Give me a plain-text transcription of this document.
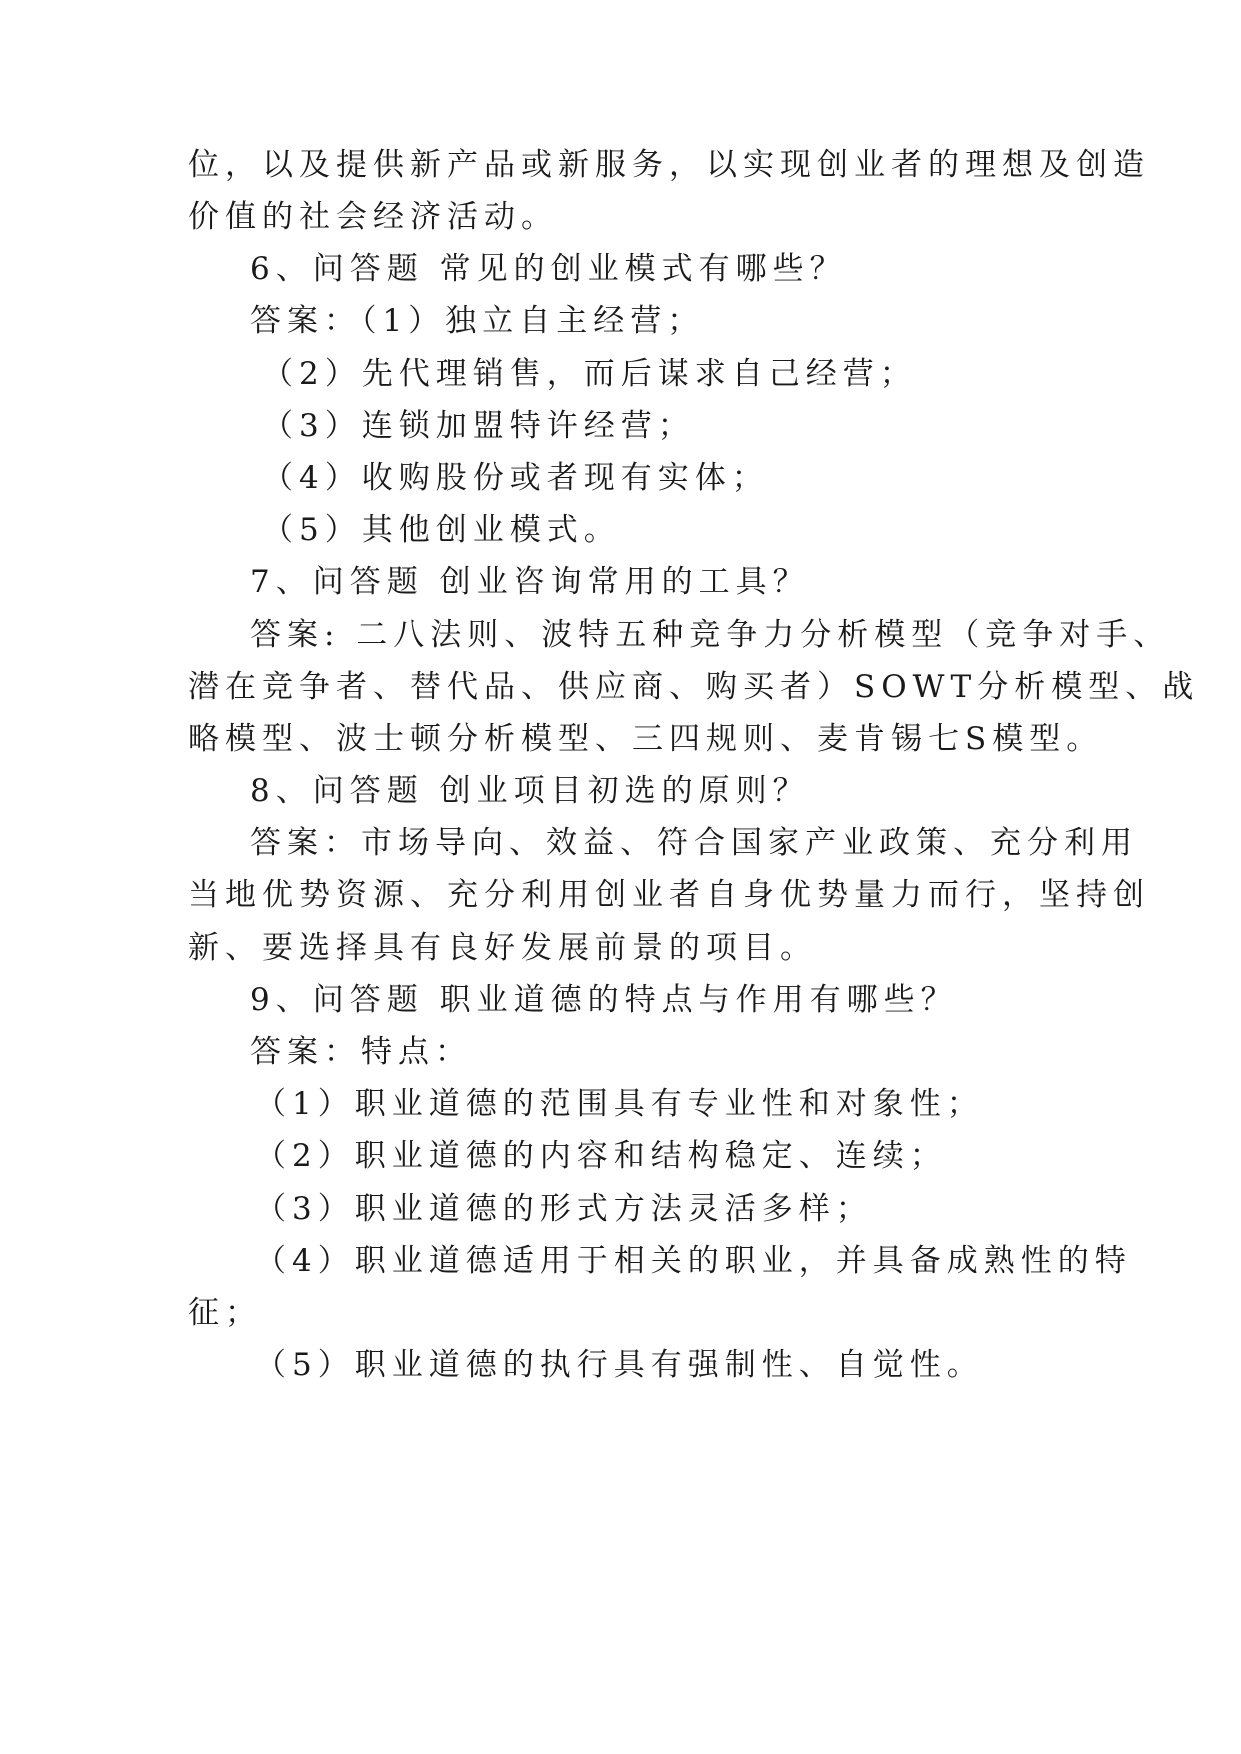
位，以及提供新产品或新服务，以实现创业者的理想及创造
价值的社会经济活动。
6、问答题 常见的创业模式有哪些？
答案：（1）独立自主经营；
（2）先代理销售，而后谋求自己经营；
（3）连锁加盟特许经营；
（4）收购股份或者现有实体；
（5）其他创业模式。
7、问答题 创业咨询常用的工具？
答案: 二八法则、波特五种竞争力分析模型（竞争对手、
潜在竞争者、替代品、供应商、购买者）SOWT分析模型、战
略模型、波士顿分析模型、三四规则、麦肯锡七S模型。
8、问答题 创业项目初选的原则？
答案：市场导向、效益、符合国家产业政策、充分利用
当地优势资源、充分利用创业者自身优势量力而行，坚持创
新、要选择具有良好发展前景的项目。
9、问答题 职业道德的特点与作用有哪些？
答案：特点：
（1）职业道德的范围具有专业性和对象性；
（2）职业道德的内容和结构稳定、连续；
（3）职业道德的形式方法灵活多样；
（4）职业道德适用于相关的职业，并具备成熟性的特
征；
（5）职业道德的执行具有强制性、自觉性。
